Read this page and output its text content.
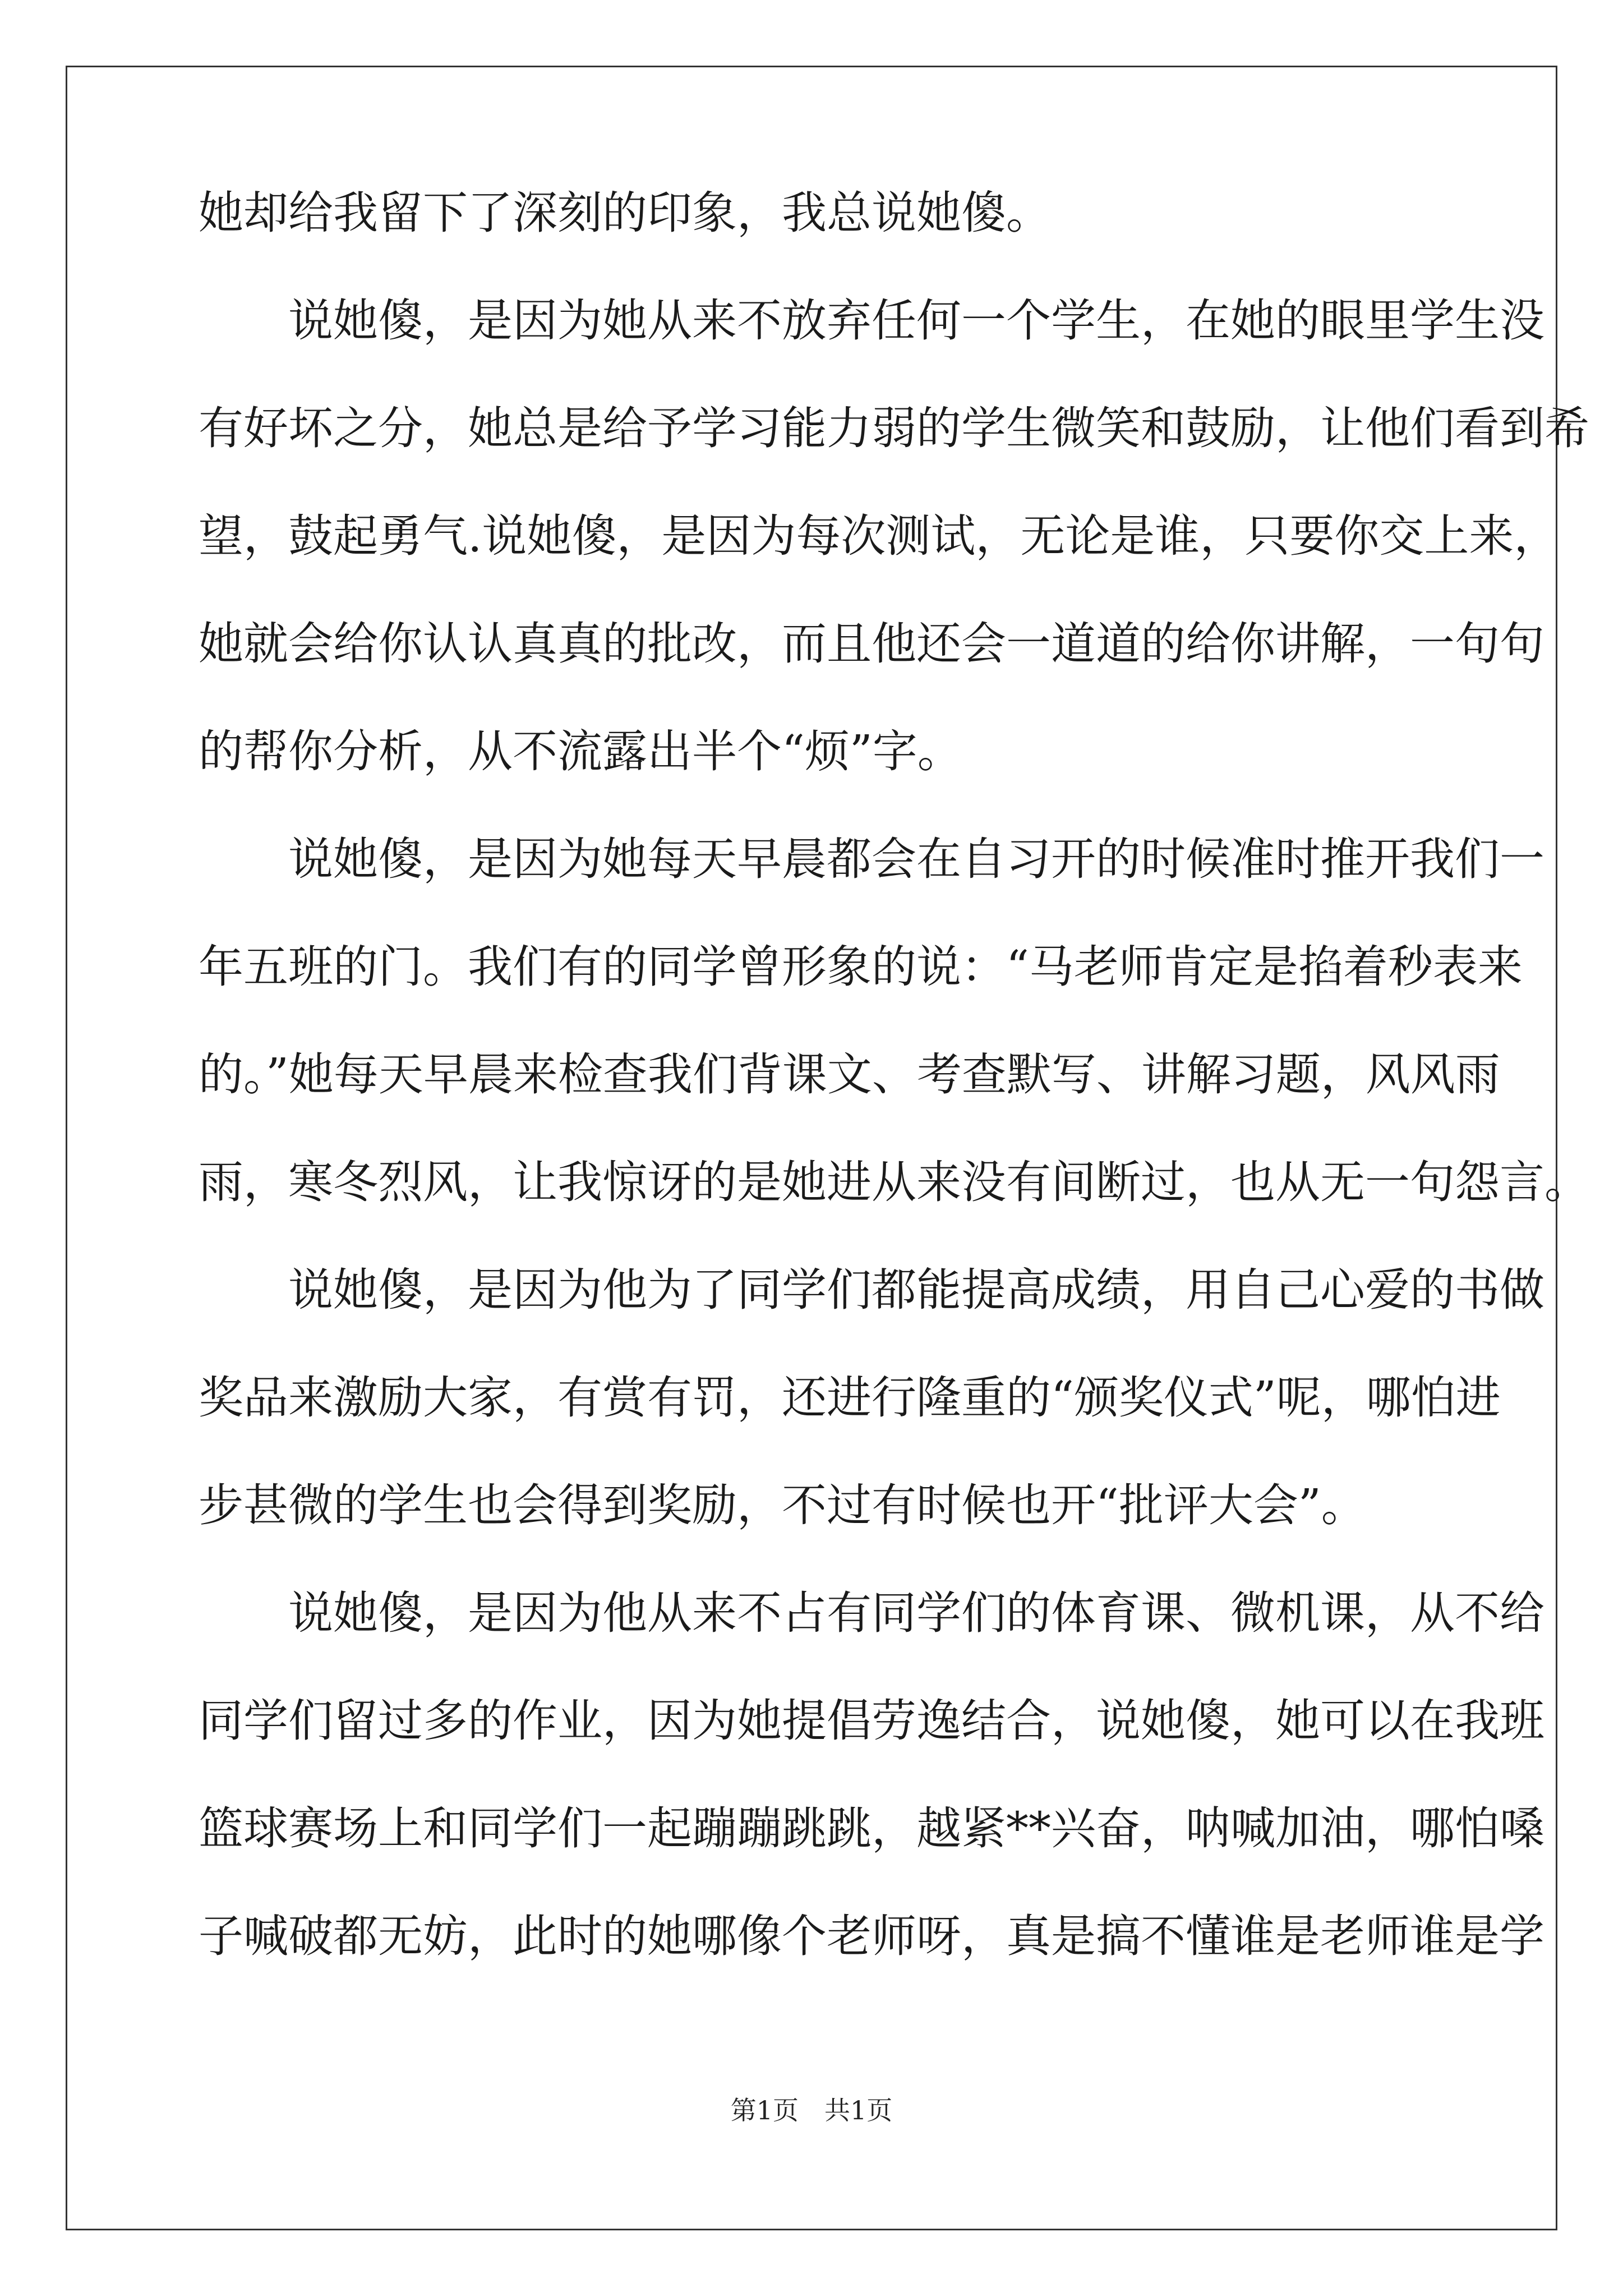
她却给我留下了深刻的印象，我总说她傻。
说她傻，是因为她从来不放弃任何一个学生，在她的眼里学生没
有好坏之分，她总是给予学习能力弱的学生微笑和鼓励，让他们看到希
望，鼓起勇气.说她傻，是因为每次测试，无论是谁，只要你交上来，
她就会给你认认真真的批改，而且他还会一道道的给你讲解，一句句
的帮你分析，从不流露出半个“烦”字。
说她傻，是因为她每天早晨都会在自习开的时候准时推开我们一
年五班的门。我们有的同学曾形象的说：“马老师肯定是掐着秒表来
的。”她每天早晨来检查我们背课文、考查默写、讲解习题，风风雨
雨，寒冬烈风，让我惊讶的是她进从来没有间断过，也从无一句怨言。
说她傻，是因为他为了同学们都能提高成绩，用自己心爱的书做
奖品来激励大家，有赏有罚，还进行隆重的“颁奖仪式”呢，哪怕进
步甚微的学生也会得到奖励，不过有时候也开“批评大会”。
说她傻，是因为他从来不占有同学们的体育课、微机课，从不给
同学们留过多的作业，因为她提倡劳逸结合，说她傻，她可以在我班
篮球赛场上和同学们一起蹦蹦跳跳，越紧**兴奋，呐喊加油，哪怕嗓
子喊破都无妨，此时的她哪像个老师呀，真是搞不懂谁是老师谁是学
第1页　共1页
